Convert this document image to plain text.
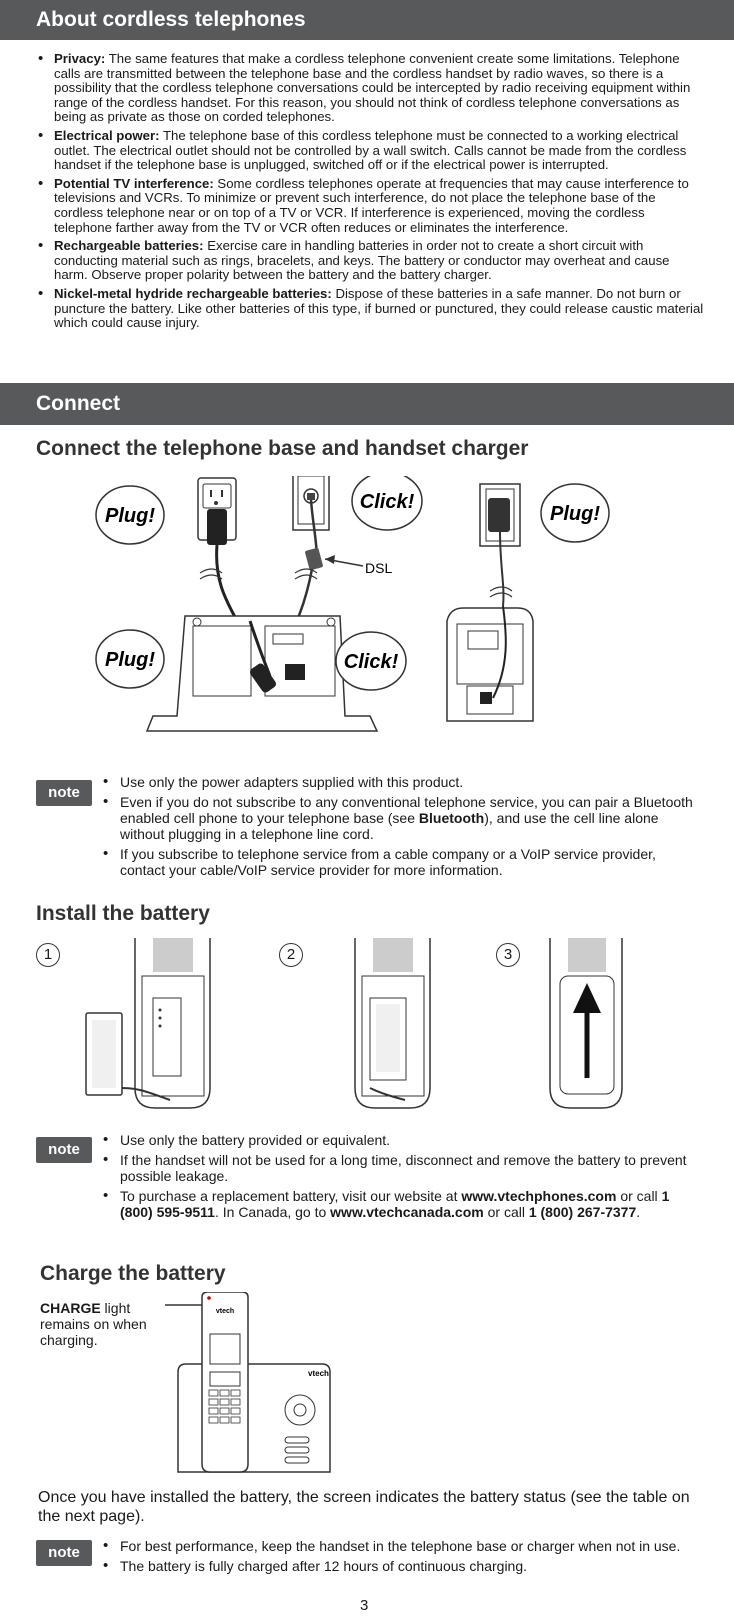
About cordless telephones
• Privacy: The same features that make a cordless telephone convenient create some limitations. Telephone calls are transmitted between the telephone base and the cordless handset by radio waves, so there is a possibility that the cordless telephone conversations could be intercepted by radio receiving equipment within range of the cordless handset. For this reason, you should not think of cordless telephone conversations as being as private as those on corded telephones.
• Electrical power: The telephone base of this cordless telephone must be connected to a working electrical outlet. The electrical outlet should not be controlled by a wall switch. Calls cannot be made from the cordless handset if the telephone base is unplugged, switched off or if the electrical power is interrupted.
• Potential TV interference: Some cordless telephones operate at frequencies that may cause interference to televisions and VCRs. To minimize or prevent such interference, do not place the telephone base of the cordless telephone near or on top of a TV or VCR. If interference is experienced, moving the cordless telephone farther away from the TV or VCR often reduces or eliminates the interference.
• Rechargeable batteries: Exercise care in handling batteries in order not to create a short circuit with conducting material such as rings, bracelets, and keys. The battery or conductor may overheat and cause harm. Observe proper polarity between the battery and the battery charger.
• Nickel-metal hydride rechargeable batteries: Dispose of these batteries in a safe manner. Do not burn or puncture the battery. Like other batteries of this type, if burned or punctured, they could release caustic material which could cause injury.
Connect
Connect the telephone base and handset charger
Plug!
Click!
Plug!
Plug!	Click!
DSL
note
• Use only the power adapters supplied with this product.
• Even if you do not subscribe to any conventional telephone service, you can pair a Bluetooth enabled cell phone to your telephone base (see Bluetooth), and use the cell line alone without plugging in a telephone line cord.
• If you subscribe to telephone service from a cable company or a VoIP service provider, contact your cable/VoIP service provider for more information.
Install the battery
1	2	3
note
• Use only the battery provided or equivalent.
• If the handset will not be used for a long time, disconnect and remove the battery to prevent possible leakage.
• To purchase a replacement battery, visit our website at www.vtechphones.com or call 1 (800) 595-9511. In Canada, go to www.vtechcanada.com or call 1 (800) 267-7377.
Charge the battery
CHARGE light remains on when charging.
vtech
vtech
Once you have installed the battery, the screen indicates the battery status (see the table on the next page).
note
•	For best performance, keep the handset in the telephone base or charger when not in use.
• The battery is fully charged after 12 hours of continuous charging.
3
